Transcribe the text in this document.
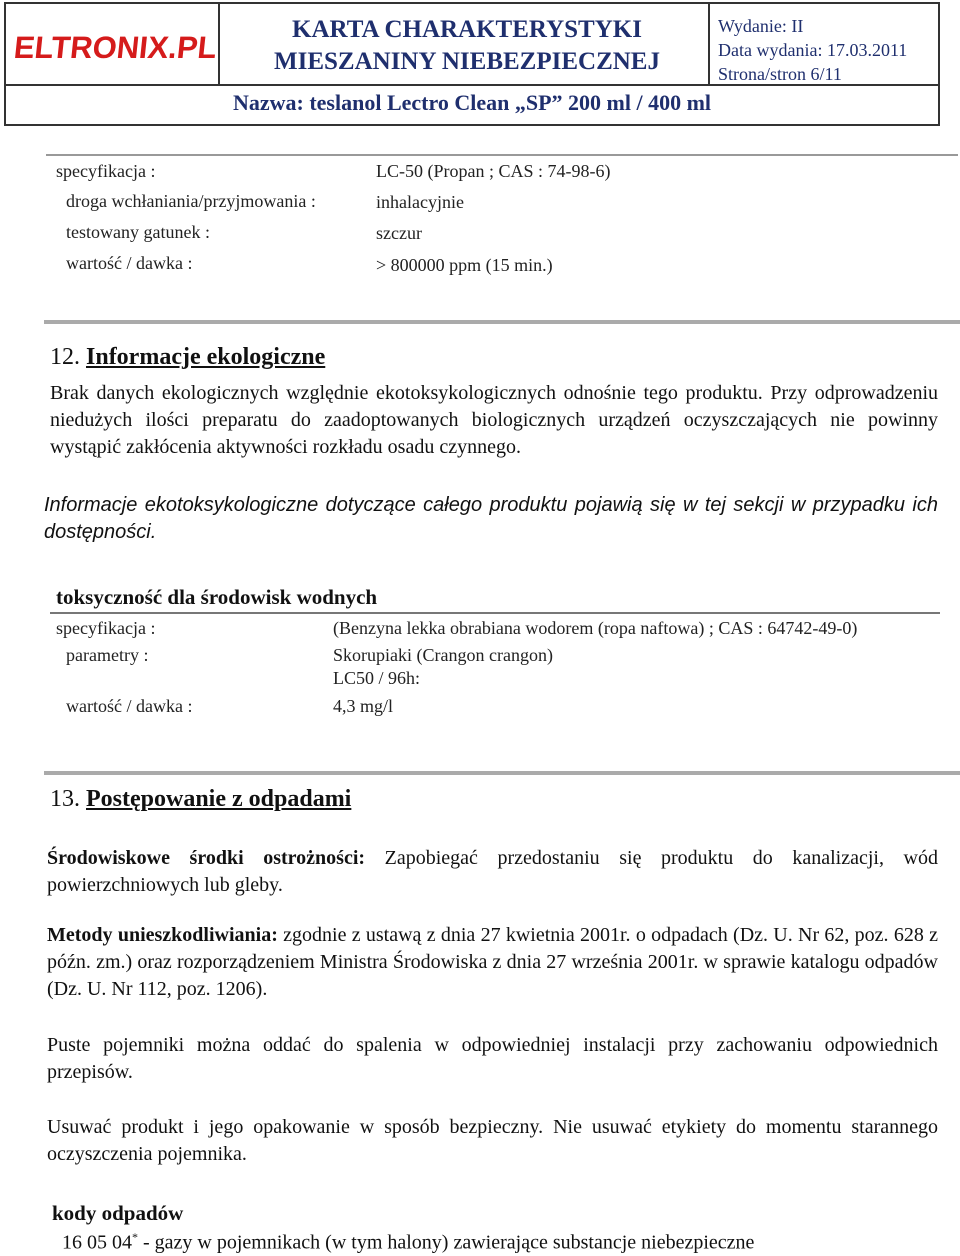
ELTRONIX.PL
KARTA CHARAKTERYSTYKI
MIESZANINY NIEBEZPIECZNEJ
Wydanie: II
Data wydania: 17.03.2011
Strona/stron 6/11
Nazwa: teslanol Lectro Clean „SP” 200 ml / 400 ml
specyfikacja :	LC-50 (Propan ; CAS : 74-98-6)
droga wchłaniania/przyjmowania :	inhalacyjnie
testowany gatunek :	szczur
wartość / dawka :	> 800000 ppm (15 min.)
12. Informacje ekologiczne
Brak danych ekologicznych względnie ekotoksykologicznych odnośnie tego produktu. Przy odprowadzeniu niedużych ilości preparatu do zaadoptowanych biologicznych urządzeń oczyszczających nie powinny wystąpić zakłócenia aktywności rozkładu osadu czynnego.
Informacje ekotoksykologiczne dotyczące całego produktu pojawią się w tej sekcji w przypadku ich dostępności.
toksyczność dla środowisk wodnych
specyfikacja :	(Benzyna lekka obrabiana wodorem (ropa naftowa) ; CAS : 64742-49-0)
parametry :	Skorupiaki (Crangon crangon)
LC50 / 96h:
wartość / dawka :	4,3 mg/l
13. Postępowanie z odpadami
Środowiskowe środki ostrożności: Zapobiegać przedostaniu się produktu do kanalizacji, wód powierzchniowych lub gleby.
Metody unieszkodliwiania: zgodnie z ustawą z dnia 27 kwietnia 2001r. o odpadach (Dz. U. Nr 62, poz. 628 z późn. zm.) oraz rozporządzeniem Ministra Środowiska z dnia 27 września 2001r. w sprawie katalogu odpadów (Dz. U. Nr 112, poz. 1206).
Puste pojemniki można oddać do spalenia w odpowiedniej instalacji przy zachowaniu odpowiednich przepisów.
Usuwać produkt i jego opakowanie w sposób bezpieczny. Nie usuwać etykiety do momentu starannego oczyszczenia pojemnika.
kody odpadów
16 05 04* - gazy w pojemnikach (w tym halony) zawierające substancje niebezpieczne
